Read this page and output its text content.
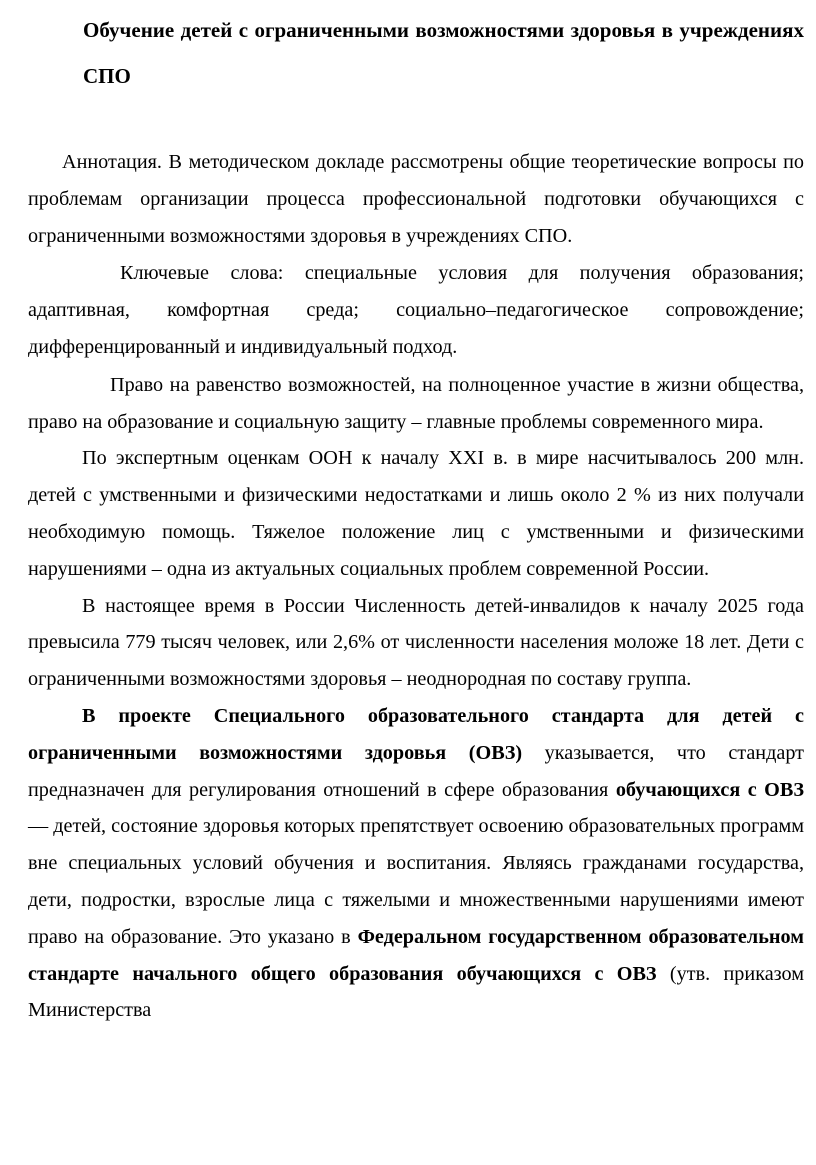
Обучение детей с ограниченными возможностями здоровья в учреждениях СПО

Аннотация. В методическом докладе рассмотрены общие теоретические вопросы по проблемам организации процесса профессиональной подготовки обучающихся с ограниченными возможностями здоровья в учреждениях СПО.

Ключевые слова: специальные условия для получения образования; адаптивная, комфортная среда; социально–педагогическое сопровождение; дифференцированный и индивидуальный подход.

Право на равенство возможностей, на полноценное участие в жизни общества, право на образование и социальную защиту – главные проблемы современного мира.

По экспертным оценкам ООН к началу XXI в. в мире насчитывалось 200 млн. детей с умственными и физическими недостатками и лишь около 2 % из них получали необходимую помощь. Тяжелое положение лиц с умственными и физическими нарушениями – одна из актуальных социальных проблем современной России.

В настоящее время в России Численность детей-инвалидов к началу 2025 года превысила 779 тысяч человек, или 2,6% от численности населения моложе 18 лет. Дети с ограниченными возможностями здоровья – неоднородная по составу группа.

В проекте Специального образовательного стандарта для детей с ограниченными возможностями здоровья (ОВЗ) указывается, что стандарт предназначен для регулирования отношений в сфере образования обучающихся с ОВЗ — детей, состояние здоровья которых препятствует освоению образовательных программ вне специальных условий обучения и воспитания. Являясь гражданами государства, дети, подростки, взрослые лица с тяжелыми и множественными нарушениями имеют право на образование. Это указано в Федеральном государственном образовательном стандарте начального общего образования обучающихся с ОВЗ (утв. приказом Министерства
